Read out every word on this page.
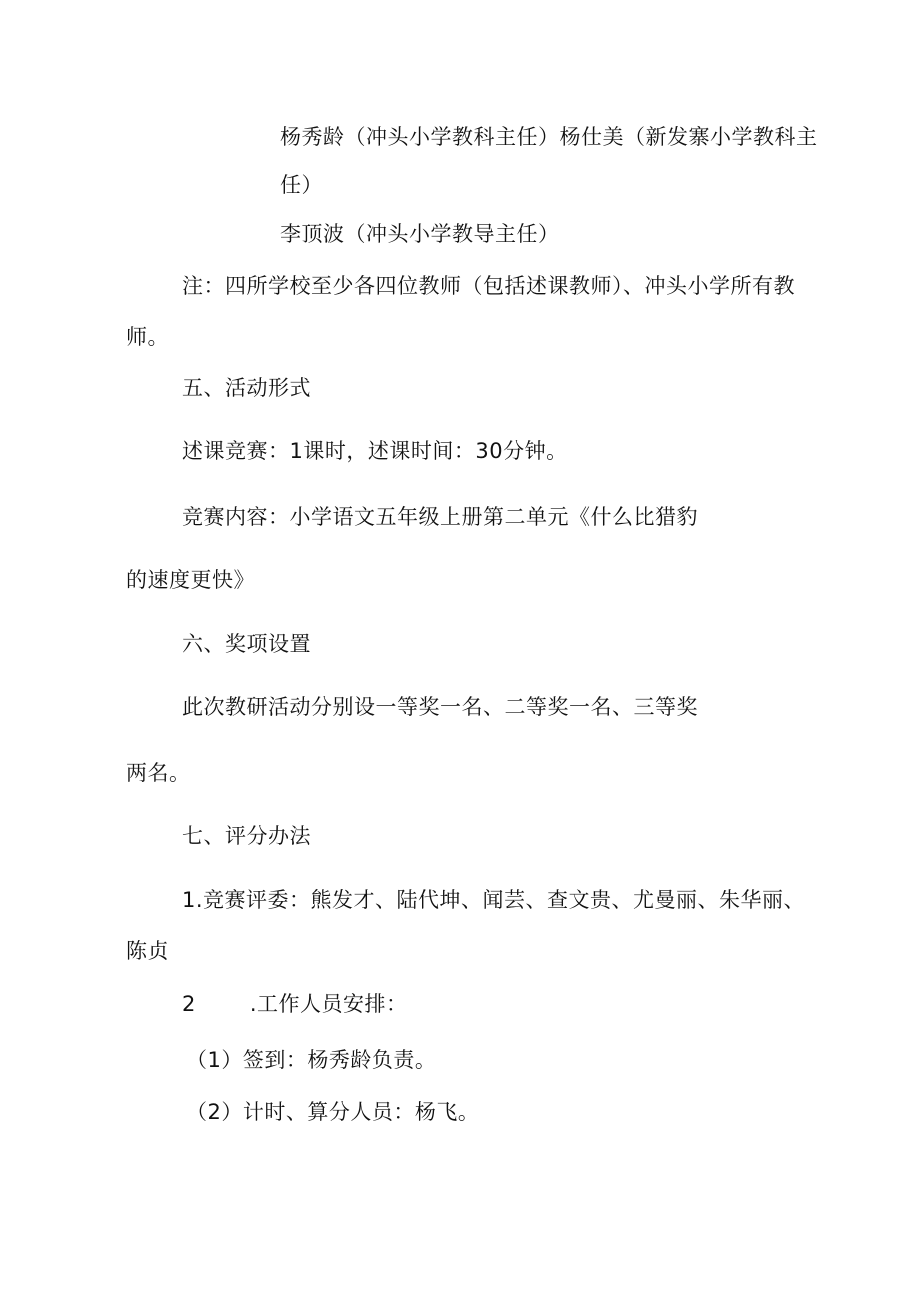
杨秀龄（冲头小学教科主任）杨仕美（新发寨小学教科主
任）
李顶波（冲头小学教导主任）
注：四所学校至少各四位教师（包括述课教师）、冲头小学所有教
师。
五、活动形式
述课竞赛：1课时，述课时间：30分钟。
竞赛内容：小学语文五年级上册第二单元《什么比猎豹
的速度更快》
六、奖项设置
此次教研活动分别设一等奖一名、二等奖一名、三等奖
两名。
七、评分办法
1.竞赛评委：熊发才、陆代坤、闻芸、查文贵、尤曼丽、朱华丽、
陈贞
2	.工作人员安排：
（1）签到：杨秀龄负责。
（2）计时、算分人员：杨飞。
